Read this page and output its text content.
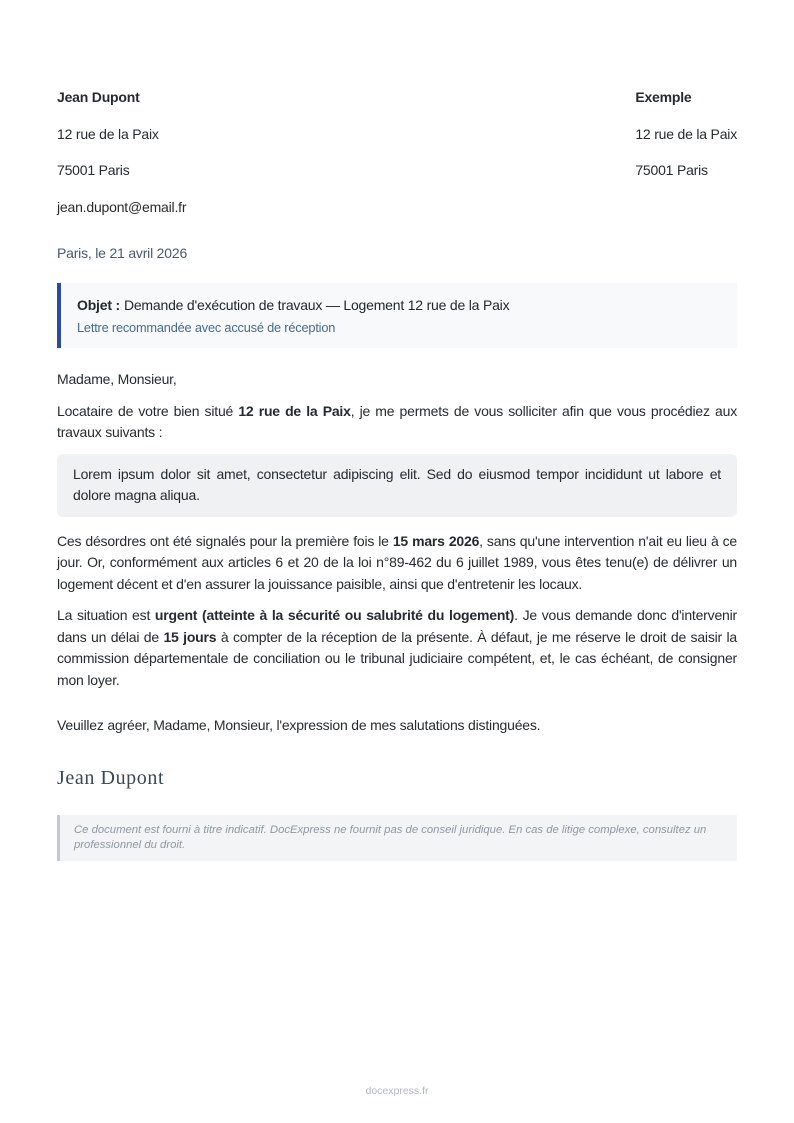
Jean Dupont

12 rue de la Paix

75001 Paris

jean.dupont@email.fr

Exemple

12 rue de la Paix

75001 Paris

Paris, le 21 avril 2026

Objet : Demande d'exécution de travaux — Logement 12 rue de la Paix

Lettre recommandée avec accusé de réception

Madame, Monsieur,

Locataire de votre bien situé 12 rue de la Paix, je me permets de vous solliciter afin que vous procédiez aux travaux suivants :

Lorem ipsum dolor sit amet, consectetur adipiscing elit. Sed do eiusmod tempor incididunt ut labore et dolore magna aliqua.

Ces désordres ont été signalés pour la première fois le 15 mars 2026, sans qu'une intervention n'ait eu lieu à ce jour. Or, conformément aux articles 6 et 20 de la loi n°89-462 du 6 juillet 1989, vous êtes tenu(e) de délivrer un logement décent et d'en assurer la jouissance paisible, ainsi que d'entretenir les locaux.

La situation est urgent (atteinte à la sécurité ou salubrité du logement). Je vous demande donc d'intervenir dans un délai de 15 jours à compter de la réception de la présente. À défaut, je me réserve le droit de saisir la commission départementale de conciliation ou le tribunal judiciaire compétent, et, le cas échéant, de consigner mon loyer.

Veuillez agréer, Madame, Monsieur, l'expression de mes salutations distinguées.

Jean Dupont

Ce document est fourni à titre indicatif. DocExpress ne fournit pas de conseil juridique. En cas de litige complexe, consultez un professionnel du droit.

docexpress.fr
